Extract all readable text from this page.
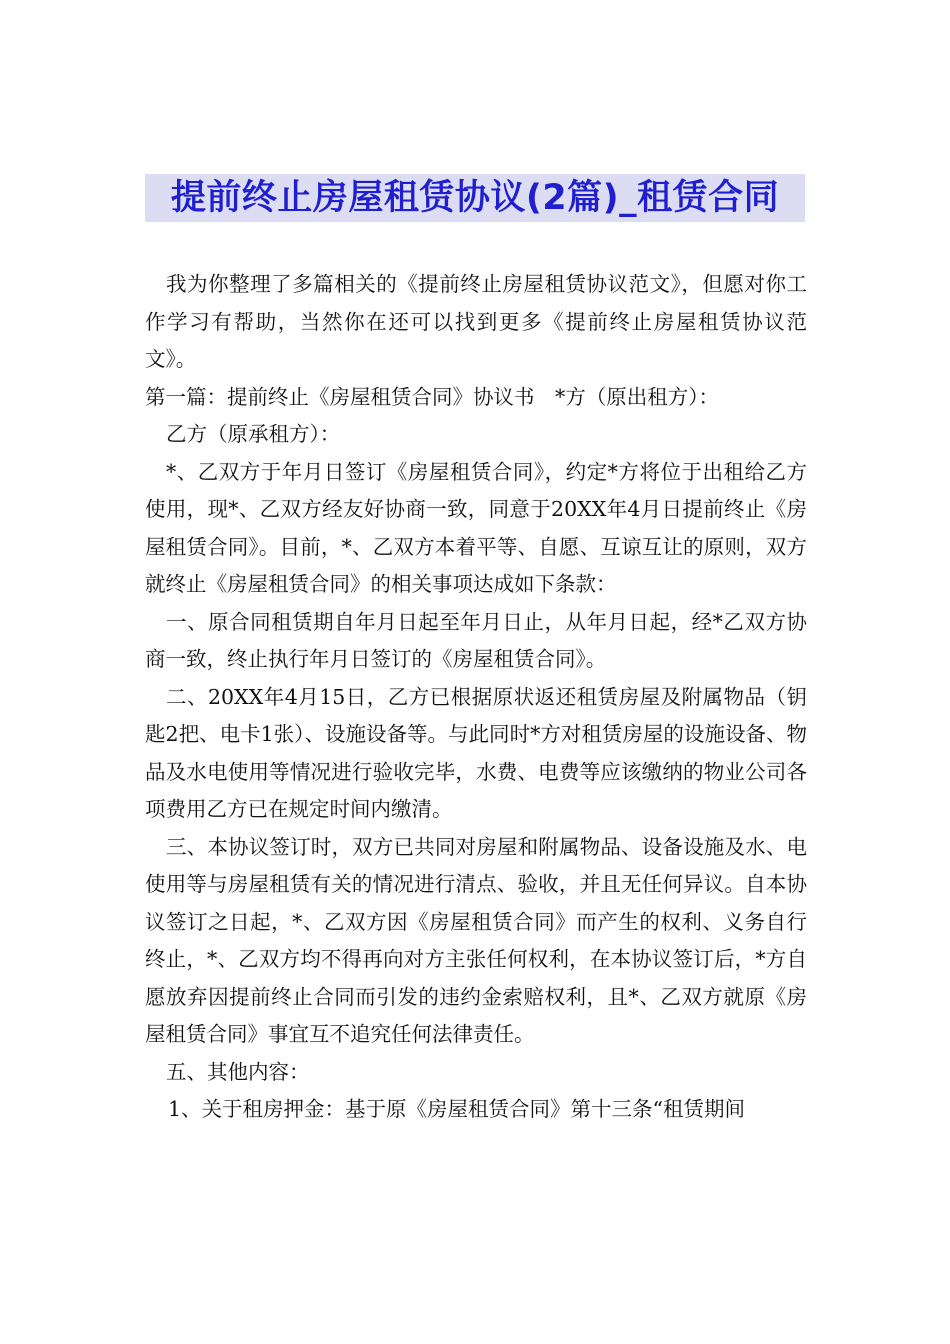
提前终止房屋租赁协议(2篇)_租赁合同

我为你整理了多篇相关的《提前终止房屋租赁协议范文》，但愿对你工作学习有帮助，当然你在还可以找到更多《提前终止房屋租赁协议范文》。

第一篇：提前终止《房屋租赁合同》协议书　*方（原出租方）：

乙方（原承租方）：

*、乙双方于年月日签订《房屋租赁合同》，约定*方将位于出租给乙方使用，现*、乙双方经友好协商一致，同意于20XX年4月日提前终止《房屋租赁合同》。目前，*、乙双方本着平等、自愿、互谅互让的原则，双方就终止《房屋租赁合同》的相关事项达成如下条款：

一、原合同租赁期自年月日起至年月日止，从年月日起，经*乙双方协商一致，终止执行年月日签订的《房屋租赁合同》。

二、20XX年4月15日，乙方已根据原状返还租赁房屋及附属物品（钥匙2把、电卡1张）、设施设备等。与此同时*方对租赁房屋的设施设备、物品及水电使用等情况进行验收完毕，水费、电费等应该缴纳的物业公司各项费用乙方已在规定时间内缴清。

三、本协议签订时，双方已共同对房屋和附属物品、设备设施及水、电使用等与房屋租赁有关的情况进行清点、验收，并且无任何异议。自本协议签订之日起，*、乙双方因《房屋租赁合同》而产生的权利、义务自行终止，*、乙双方均不得再向对方主张任何权利，在本协议签订后，*方自愿放弃因提前终止合同而引发的违约金索赔权利，且*、乙双方就原《房屋租赁合同》事宜互不追究任何法律责任。

五、其他内容：

1、关于租房押金：基于原《房屋租赁合同》第十三条“租赁期间
